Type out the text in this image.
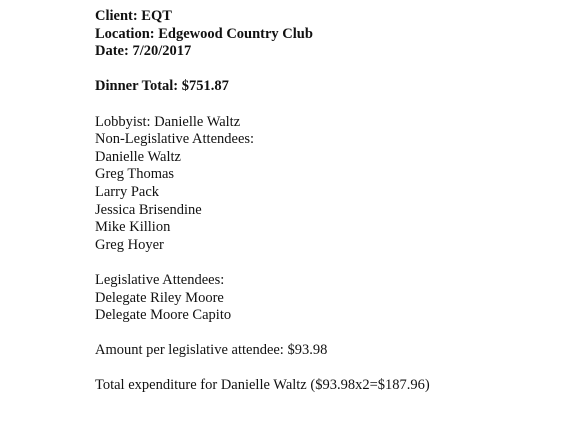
Client: EQT
Location: Edgewood Country Club
Date: 7/20/2017
Dinner Total: $751.87
Lobbyist: Danielle Waltz
Non-Legislative Attendees:
Danielle Waltz
Greg Thomas
Larry Pack
Jessica Brisendine
Mike Killion
Greg Hoyer
Legislative Attendees:
Delegate Riley Moore
Delegate Moore Capito
Amount per legislative attendee: $93.98
Total expenditure for Danielle Waltz ($93.98x2=$187.96)
